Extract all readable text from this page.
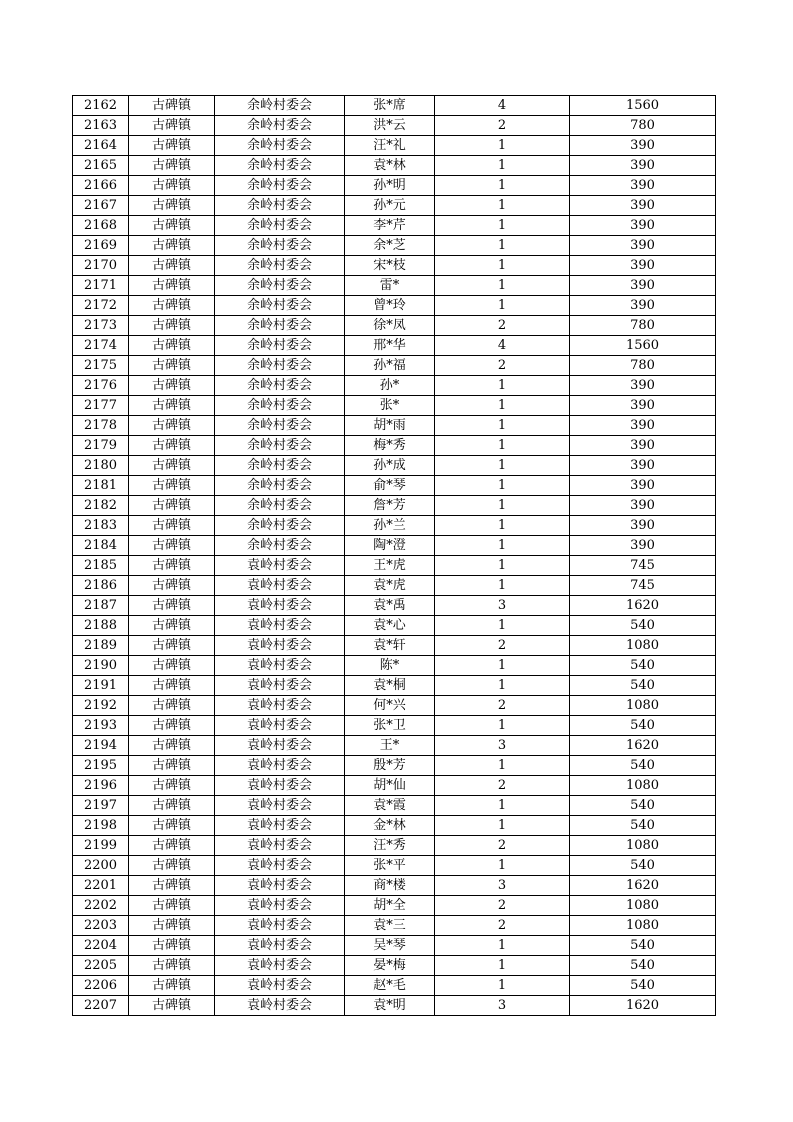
2162	古碑镇	余岭村委会	张*席	4	1560
2163	古碑镇	余岭村委会	洪*云	2	780
2164	古碑镇	余岭村委会	汪*礼	1	390
2165	古碑镇	余岭村委会	袁*林	1	390
2166	古碑镇	余岭村委会	孙*明	1	390
2167	古碑镇	余岭村委会	孙*元	1	390
2168	古碑镇	余岭村委会	李*芹	1	390
2169	古碑镇	余岭村委会	余*芝	1	390
2170	古碑镇	余岭村委会	宋*枝	1	390
2171	古碑镇	余岭村委会	雷*	1	390
2172	古碑镇	余岭村委会	曾*玲	1	390
2173	古碑镇	余岭村委会	徐*凤	2	780
2174	古碑镇	余岭村委会	邢*华	4	1560
2175	古碑镇	余岭村委会	孙*福	2	780
2176	古碑镇	余岭村委会	孙*	1	390
2177	古碑镇	余岭村委会	张*	1	390
2178	古碑镇	余岭村委会	胡*雨	1	390
2179	古碑镇	余岭村委会	梅*秀	1	390
2180	古碑镇	余岭村委会	孙*成	1	390
2181	古碑镇	余岭村委会	俞*琴	1	390
2182	古碑镇	余岭村委会	詹*芳	1	390
2183	古碑镇	余岭村委会	孙*兰	1	390
2184	古碑镇	余岭村委会	陶*澄	1	390
2185	古碑镇	袁岭村委会	王*虎	1	745
2186	古碑镇	袁岭村委会	袁*虎	1	745
2187	古碑镇	袁岭村委会	袁*禹	3	1620
2188	古碑镇	袁岭村委会	袁*心	1	540
2189	古碑镇	袁岭村委会	袁*轩	2	1080
2190	古碑镇	袁岭村委会	陈*	1	540
2191	古碑镇	袁岭村委会	袁*桐	1	540
2192	古碑镇	袁岭村委会	何*兴	2	1080
2193	古碑镇	袁岭村委会	张*卫	1	540
2194	古碑镇	袁岭村委会	王*	3	1620
2195	古碑镇	袁岭村委会	殷*芳	1	540
2196	古碑镇	袁岭村委会	胡*仙	2	1080
2197	古碑镇	袁岭村委会	袁*霞	1	540
2198	古碑镇	袁岭村委会	金*林	1	540
2199	古碑镇	袁岭村委会	汪*秀	2	1080
2200	古碑镇	袁岭村委会	张*平	1	540
2201	古碑镇	袁岭村委会	商*楼	3	1620
2202	古碑镇	袁岭村委会	胡*全	2	1080
2203	古碑镇	袁岭村委会	袁*三	2	1080
2204	古碑镇	袁岭村委会	吴*琴	1	540
2205	古碑镇	袁岭村委会	晏*梅	1	540
2206	古碑镇	袁岭村委会	赵*毛	1	540
2207	古碑镇	袁岭村委会	袁*明	3	1620
